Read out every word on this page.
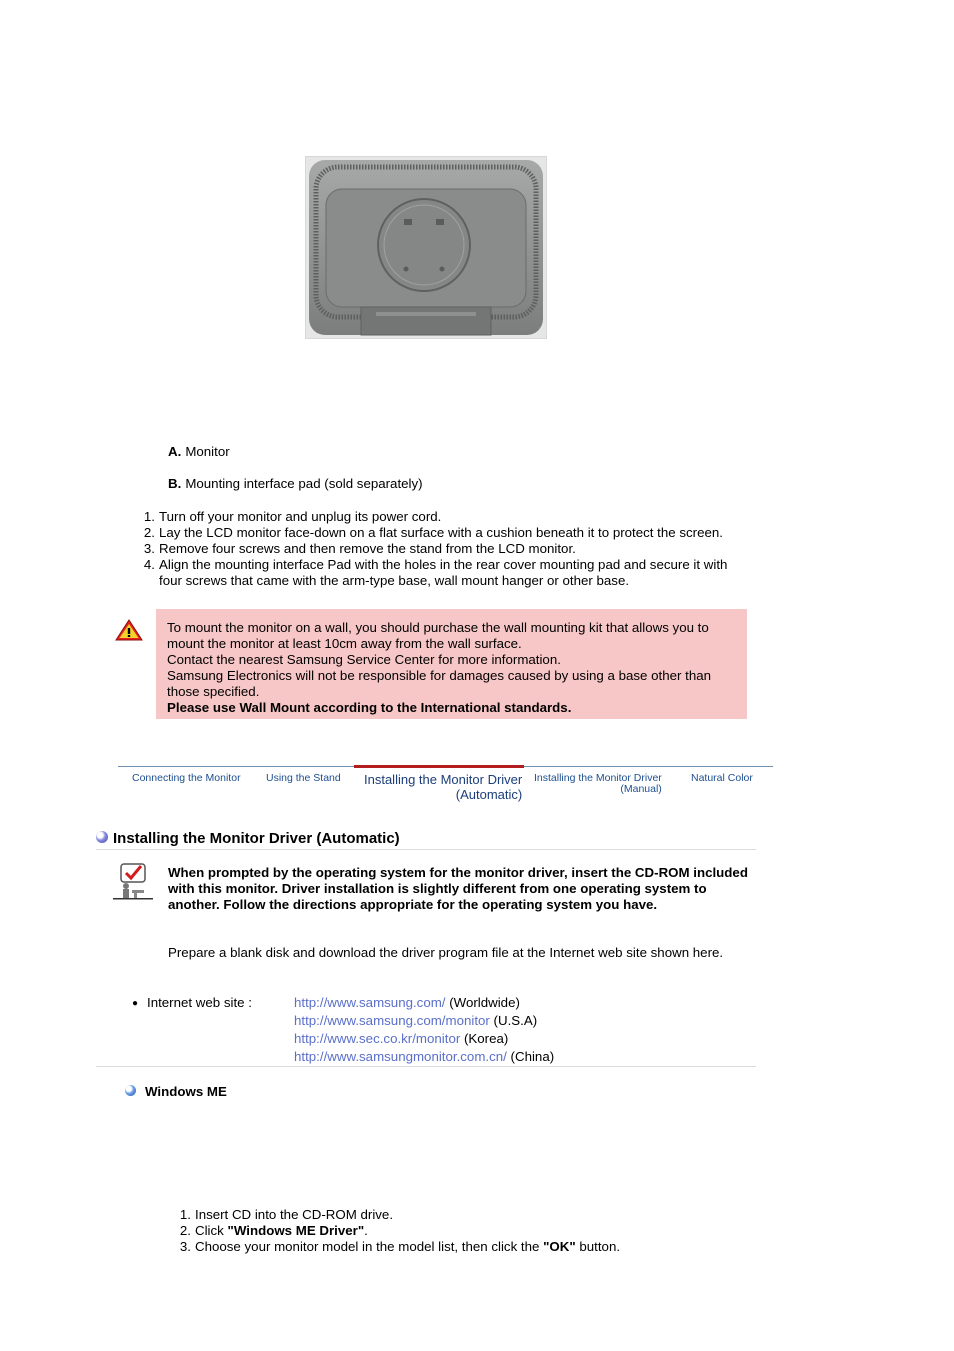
A. Monitor
B. Mounting interface pad (sold separately)
1. Turn off your monitor and unplug its power cord.
2. Lay the LCD monitor face-down on a flat surface with a cushion beneath it to protect the screen.
3. Remove four screws and then remove the stand from the LCD monitor.
4. Align the mounting interface Pad with the holes in the rear cover mounting pad and secure it with four screws that came with the arm-type base, wall mount hanger or other base.
To mount the monitor on a wall, you should purchase the wall mounting kit that allows you to mount the monitor at least 10cm away from the wall surface.
Contact the nearest Samsung Service Center for more information.
Samsung Electronics will not be responsible for damages caused by using a base other than those specified.
Please use Wall Mount according to the International standards.
Connecting the Monitor Using the Stand Installing the Monitor Driver
(Automatic)
Installing the Monitor Driver
(Manual)
Natural Color
Installing the Monitor Driver (Automatic)
When prompted by the operating system for the monitor driver, insert the CD-ROM included with this monitor. Driver installation is slightly different from one operating system to another. Follow the directions appropriate for the operating system you have.
Prepare a blank disk and download the driver program file at the Internet web site shown here.
● Internet web site :	http://www.samsung.com/ (Worldwide)
http://www.samsung.com/monitor (U.S.A)
http://www.sec.co.kr/monitor (Korea)
http://www.samsungmonitor.com.cn/ (China)
Windows ME
1. Insert CD into the CD-ROM drive.
2. Click "Windows ME Driver".
3. Choose your monitor model in the model list, then click the "OK" button.
